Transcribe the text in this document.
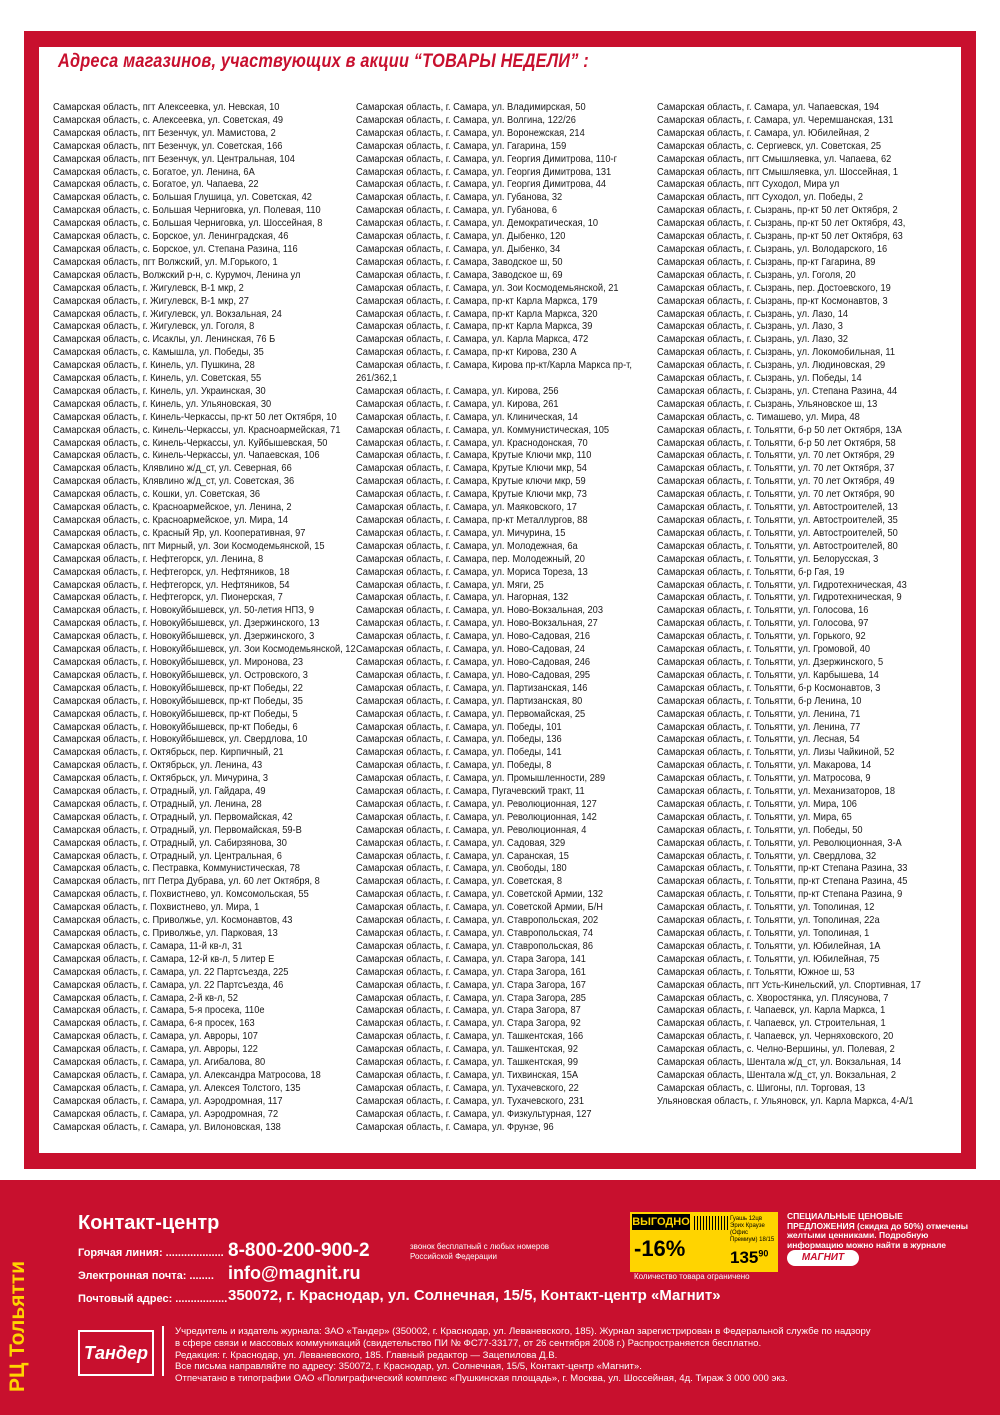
Адреса магазинов, участвующих в акции “ТОВАРЫ НЕДЕЛИ” :
Самарская область, пгт Алексеевка, ул. Невская, 10
Самарская область, с. Алексеевка, ул. Советская, 49
Самарская область, пгт Безенчук, ул. Мамистова, 2
Самарская область, пгт Безенчук, ул. Советская, 166
Самарская область, пгт Безенчук, ул. Центральная, 104
Самарская область, с. Богатое, ул. Ленина, 6А
Самарская область, с. Богатое, ул. Чапаева, 22
Самарская область, с. Большая Глушица, ул. Советская, 42
Самарская область, с. Большая Черниговка, ул. Полевая, 110
Самарская область, с. Большая Черниговка, ул. Шоссейная, 8
Самарская область, с. Борское, ул. Ленинградская, 46
Самарская область, с. Борское, ул. Степана Разина, 116
Самарская область, пгт Волжский, ул. М.Горького, 1
Самарская область, Волжский р-н, с. Курумоч, Ленина ул
Самарская область, г. Жигулевск, В-1 мкр, 2
Самарская область, г. Жигулевск, В-1 мкр, 27
Самарская область, г. Жигулевск, ул. Вокзальная, 24
Самарская область, г. Жигулевск, ул. Гоголя, 8
Самарская область, с. Исаклы, ул. Ленинская, 76 Б
Самарская область, с. Камышла, ул. Победы, 35
Самарская область, г. Кинель, ул. Пушкина, 28
Самарская область, г. Кинель, ул. Советская, 55
Самарская область, г. Кинель, ул. Украинская, 30
Самарская область, г. Кинель, ул. Ульяновская, 30
Самарская область, г. Кинель-Черкассы, пр-кт 50 лет Октября, 10
Самарская область, с. Кинель-Черкассы, ул. Красноармейская, 71
Самарская область, с. Кинель-Черкассы, ул. Куйбышевская, 50
Самарская область, с. Кинель-Черкассы, ул. Чапаевская, 106
Самарская область, Клявлино ж/д_ст, ул. Северная, 66
Самарская область, Клявлино ж/д_ст, ул. Советская, 36
Самарская область, с. Кошки, ул. Советская, 36
Самарская область, с. Красноармейское, ул. Ленина, 2
Самарская область, с. Красноармейское, ул. Мира, 14
Самарская область, с. Красный Яр, ул. Кооперативная, 97
Самарская область, пгт Мирный, ул. Зои Космодемьянской, 15
Самарская область, г. Нефтегорск, ул. Ленина, 8
Самарская область, г. Нефтегорск, ул. Нефтяников, 18
Самарская область, г. Нефтегорск, ул. Нефтяников, 54
Самарская область, г. Нефтегорск, ул. Пионерская, 7
Самарская область, г. Новокуйбышевск, ул. 50-летия НПЗ, 9
Самарская область, г. Новокуйбышевск, ул. Дзержинского, 13
Самарская область, г. Новокуйбышевск, ул. Дзержинского, 3
Самарская область, г. Новокуйбышевск, ул. Зои Космодемьянской, 12
Самарская область, г. Новокуйбышевск, ул. Миронова, 23
Самарская область, г. Новокуйбышевск, ул. Островского, 3
Самарская область, г. Новокуйбышевск, пр-кт Победы, 22
Самарская область, г. Новокуйбышевск, пр-кт Победы, 35
Самарская область, г. Новокуйбышевск, пр-кт Победы, 5
Самарская область, г. Новокуйбышевск, пр-кт Победы, 6
Самарская область, г. Новокуйбышевск, ул. Свердлова, 10
Самарская область, г. Октябрьск, пер. Кирпичный, 21
Самарская область, г. Октябрьск, ул. Ленина, 43
Самарская область, г. Октябрьск, ул. Мичурина, 3
Самарская область, г. Отрадный, ул. Гайдара, 49
Самарская область, г. Отрадный, ул. Ленина, 28
Самарская область, г. Отрадный, ул. Первомайская, 42
Самарская область, г. Отрадный, ул. Первомайская, 59-В
Самарская область, г. Отрадный, ул. Сабирзянова, 30
Самарская область, г. Отрадный, ул. Центральная, 6
Самарская область, с. Пестравка, Коммунистическая, 78
Самарская область, пгт Петра Дубрава, ул. 60 лет Октября, 8
Самарская область, г. Похвистнево, ул. Комсомольская, 55
Самарская область, г. Похвистнево, ул. Мира, 1
Самарская область, с. Приволжье, ул. Космонавтов, 43
Самарская область, с. Приволжье, ул. Парковая, 13
Самарская область, г. Самара, 11-й кв-л, 31
Самарская область, г. Самара, 12-й кв-л, 5 литер Е
Самарская область, г. Самара, ул. 22 Партсъезда, 225
Самарская область, г. Самара, ул. 22 Партсъезда, 46
Самарская область, г. Самара, 2-й кв-л, 52
Самарская область, г. Самара, 5-я просека, 110е
Самарская область, г. Самара, 6-я просек, 163
Самарская область, г. Самара, ул. Авроры, 107
Самарская область, г. Самара, ул. Авроры, 122
Самарская область, г. Самара, ул. Агибалова, 80
Самарская область, г. Самара, ул. Александра Матросова, 18
Самарская область, г. Самара, ул. Алексея Толстого, 135
Самарская область, г. Самара, ул. Аэродромная, 117
Самарская область, г. Самара, ул. Аэродромная, 72
Самарская область, г. Самара, ул. Вилоновская, 138
Самарская область, г. Самара, ул. Владимирская, 50
Самарская область, г. Самара, ул. Волгина, 122/26
Самарская область, г. Самара, ул. Воронежская, 214
Самарская область, г. Самара, ул. Гагарина, 159
Самарская область, г. Самара, ул. Георгия Димитрова, 110-г
Самарская область, г. Самара, ул. Георгия Димитрова, 131
Самарская область, г. Самара, ул. Георгия Димитрова, 44
Самарская область, г. Самара, ул. Губанова, 32
Самарская область, г. Самара, ул. Губанова, 6
Самарская область, г. Самара, ул. Демократическая, 10
Самарская область, г. Самара, ул. Дыбенко, 120
Самарская область, г. Самара, ул. Дыбенко, 34
Самарская область, г. Самара, Заводское ш, 50
Самарская область, г. Самара, Заводское ш, 69
Самарская область, г. Самара, ул. Зои Космодемьянской, 21
Самарская область, г. Самара, пр-кт Карла Маркса, 179
Самарская область, г. Самара, пр-кт Карла Маркса, 320
Самарская область, г. Самара, пр-кт Карла Маркса, 39
Самарская область, г. Самара, ул. Карла Маркса, 472
Самарская область, г. Самара, пр-кт Кирова, 230 А
Самарская область, г. Самара, Кирова пр-кт/Карла Маркса пр-т,
261/362,1
Самарская область, г. Самара, ул. Кирова, 256
Самарская область, г. Самара, ул. Кирова, 261
Самарская область, г. Самара, ул. Клиническая, 14
Самарская область, г. Самара, ул. Коммунистическая, 105
Самарская область, г. Самара, ул. Краснодонская, 70
Самарская область, г. Самара, Крутые Ключи мкр, 110
Самарская область, г. Самара, Крутые Ключи мкр, 54
Самарская область, г. Самара, Крутые ключи мкр, 59
Самарская область, г. Самара, Крутые Ключи мкр, 73
Самарская область, г. Самара, ул. Маяковского, 17
Самарская область, г. Самара, пр-кт Металлургов, 88
Самарская область, г. Самара, ул. Мичурина, 15
Самарская область, г. Самара, ул. Молодежная, 6а
Самарская область, г. Самара, пер. Молодежный, 20
Самарская область, г. Самара, ул. Мориса Тореза, 13
Самарская область, г. Самара, ул. Мяги, 25
Самарская область, г. Самара, ул. Нагорная, 132
Самарская область, г. Самара, ул. Ново-Вокзальная, 203
Самарская область, г. Самара, ул. Ново-Вокзальная, 27
Самарская область, г. Самара, ул. Ново-Садовая, 216
Самарская область, г. Самара, ул. Ново-Садовая, 24
Самарская область, г. Самара, ул. Ново-Садовая, 246
Самарская область, г. Самара, ул. Ново-Садовая, 295
Самарская область, г. Самара, ул. Партизанская, 146
Самарская область, г. Самара, ул. Партизанская, 80
Самарская область, г. Самара, ул. Первомайская, 25
Самарская область, г. Самара, ул. Победы, 101
Самарская область, г. Самара, ул. Победы, 136
Самарская область, г. Самара, ул. Победы, 141
Самарская область, г. Самара, ул. Победы, 8
Самарская область, г. Самара, ул. Промышленности, 289
Самарская область, г. Самара, Пугачевский тракт, 11
Самарская область, г. Самара, ул. Революционная, 127
Самарская область, г. Самара, ул. Революционная, 142
Самарская область, г. Самара, ул. Революционная, 4
Самарская область, г. Самара, ул. Садовая, 329
Самарская область, г. Самара, ул. Саранская, 15
Самарская область, г. Самара, ул. Свободы, 180
Самарская область, г. Самара, ул. Советская, 8
Самарская область, г. Самара, ул. Советской Армии, 132
Самарская область, г. Самара, ул. Советской Армии, Б/Н
Самарская область, г. Самара, ул. Ставропольская, 202
Самарская область, г. Самара, ул. Ставропольская, 74
Самарская область, г. Самара, ул. Ставропольская, 86
Самарская область, г. Самара, ул. Стара Загора, 141
Самарская область, г. Самара, ул. Стара Загора, 161
Самарская область, г. Самара, ул. Стара Загора, 167
Самарская область, г. Самара, ул. Стара Загора, 285
Самарская область, г. Самара, ул. Стара Загора, 87
Самарская область, г. Самара, ул. Стара Загора, 92
Самарская область, г. Самара, ул. Ташкентская, 166
Самарская область, г. Самара, ул. Ташкентская, 92
Самарская область, г. Самара, ул. Ташкентская, 99
Самарская область, г. Самара, ул. Тихвинская, 15А
Самарская область, г. Самара, ул. Тухачевского, 22
Самарская область, г. Самара, ул. Тухачевского, 231
Самарская область, г. Самара, ул. Физкультурная, 127
Самарская область, г. Самара, ул. Фрунзе, 96
Самарская область, г. Самара, ул. Чапаевская, 194
Самарская область, г. Самара, ул. Черемшанская, 131
Самарская область, г. Самара, ул. Юбилейная, 2
Самарская область, с. Сергиевск, ул. Советская, 25
Самарская область, пгт Смышляевка, ул. Чапаева, 62
Самарская область, пгт Смышляевка, ул. Шоссейная, 1
Самарская область, пгт Суходол, Мира ул
Самарская область, пгт Суходол, ул. Победы, 2
Самарская область, г. Сызрань, пр-кт 50 лет Октября, 2
Самарская область, г. Сызрань, пр-кт 50 лет Октября, 43,
Самарская область, г. Сызрань, пр-кт 50 лет Октября, 63
Самарская область, г. Сызрань, ул. Володарского, 16
Самарская область, г. Сызрань, пр-кт Гагарина, 89
Самарская область, г. Сызрань, ул. Гоголя, 20
Самарская область, г. Сызрань, пер. Достоевского, 19
Самарская область, г. Сызрань, пр-кт Космонавтов, 3
Самарская область, г. Сызрань, ул. Лазо, 14
Самарская область, г. Сызрань, ул. Лазо, 3
Самарская область, г. Сызрань, ул. Лазо, 32
Самарская область, г. Сызрань, ул. Локомобильная, 11
Самарская область, г. Сызрань, ул. Людиновская, 29
Самарская область, г. Сызрань, ул. Победы, 14
Самарская область, г. Сызрань, ул. Степана Разина, 44
Самарская область, г. Сызрань, Ульяновское ш, 13
Самарская область, с. Тимашево, ул. Мира, 48
Самарская область, г. Тольятти, б-р 50 лет Октября, 13А
Самарская область, г. Тольятти, б-р 50 лет Октября, 58
Самарская область, г. Тольятти, ул. 70 лет Октября, 29
Самарская область, г. Тольятти, ул. 70 лет Октября, 37
Самарская область, г. Тольятти, ул. 70 лет Октября, 49
Самарская область, г. Тольятти, ул. 70 лет Октября, 90
Самарская область, г. Тольятти, ул. Автостроителей, 13
Самарская область, г. Тольятти, ул. Автостроителей, 35
Самарская область, г. Тольятти, ул. Автостроителей, 50
Самарская область, г. Тольятти, ул. Автостроителей, 80
Самарская область, г. Тольятти, ул. Белорусская, 3
Самарская область, г. Тольятти, б-р Гая, 19
Самарская область, г. Тольятти, ул. Гидротехническая, 43
Самарская область, г. Тольятти, ул. Гидротехническая, 9
Самарская область, г. Тольятти, ул. Голосова, 16
Самарская область, г. Тольятти, ул. Голосова, 97
Самарская область, г. Тольятти, ул. Горького, 92
Самарская область, г. Тольятти, ул. Громовой, 40
Самарская область, г. Тольятти, ул. Дзержинского, 5
Самарская область, г. Тольятти, ул. Карбышева, 14
Самарская область, г. Тольятти, б-р Космонавтов, 3
Самарская область, г. Тольятти, б-р Ленина, 10
Самарская область, г. Тольятти, ул. Ленина, 71
Самарская область, г. Тольятти, ул. Ленина, 77
Самарская область, г. Тольятти, ул. Лесная, 54
Самарская область, г. Тольятти, ул. Лизы Чайкиной, 52
Самарская область, г. Тольятти, ул. Макарова, 14
Самарская область, г. Тольятти, ул. Матросова, 9
Самарская область, г. Тольятти, ул. Механизаторов, 18
Самарская область, г. Тольятти, ул. Мира, 106
Самарская область, г. Тольятти, ул. Мира, 65
Самарская область, г. Тольятти, ул. Победы, 50
Самарская область, г. Тольятти, ул. Революционная, 3-А
Самарская область, г. Тольятти, ул. Свердлова, 32
Самарская область, г. Тольятти, пр-кт Степана Разина, 33
Самарская область, г. Тольятти, пр-кт Степана Разина, 45
Самарская область, г. Тольятти, пр-кт Степана Разина, 9
Самарская область, г. Тольятти, ул. Тополиная, 12
Самарская область, г. Тольятти, ул. Тополиная, 22а
Самарская область, г. Тольятти, ул. Тополиная, 1
Самарская область, г. Тольятти, ул. Юбилейная, 1А
Самарская область, г. Тольятти, ул. Юбилейная, 75
Самарская область, г. Тольятти, Южное ш, 53
Самарская область, пгт Усть-Кинельский, ул. Спортивная, 17
Самарская область, с. Хворостянка, ул. Плясунова, 7
Самарская область, г. Чапаевск, ул. Карла Маркса, 1
Самарская область, г. Чапаевск, ул. Строительная, 1
Самарская область, г. Чапаевск, ул. Черняховского, 20
Самарская область, с. Челно-Вершины, ул. Полевая, 2
Самарская область, Шентала ж/д_ст, ул. Вокзальная, 14
Самарская область, Шентала ж/д_ст, ул. Вокзальная, 2
Самарская область, с. Шигоны, пл. Торговая, 13
Ульяновская область, г. Ульяновск, ул. Карла Маркса, 4-А/1
РЦ Тольятти
Контакт-центр
Горячая линия: ................... 8-800-200-900-2	звонок бесплатный с любых номеров Российской Федерации
Электронная почта: ........ info@magnit.ru
Почтовый адрес: ................. 350072, г. Краснодар, ул. Солнечная, 15/5, Контакт-центр «Магнит»
ВЫГОДНО
-16%
Гуашь 12цв Эрих Краузе (Офис Премиум) 18/15
$135^{90}$
Количество товара ограничено
СПЕЦИАЛЬНЫЕ ЦЕНОВЫЕ ПРЕДЛОЖЕНИЯ (скидка до 50%) отмечены желтыми ценниками. Подробную информацию можно найти в журнале
МАГНИТ
Тандер
Учредитель и издатель журнала: ЗАО «Тандер» (350002, г. Краснодар, ул. Леваневского, 185). Журнал зарегистрирован в Федеральной службе по надзору
в сфере связи и массовых коммуникаций (свидетельство ПИ № ФС77-33177, от 26 сентября 2008 г.) Распространяется бесплатно.
Редакция: г. Краснодар, ул. Леваневского, 185. Главный редактор — Зацепилова Д.В.
Все письма направляйте по адресу: 350072, г. Краснодар, ул. Солнечная, 15/5, Контакт-центр «Магнит».
Отпечатано в типографии ОАО «Полиграфический комплекс «Пушкинская площадь», г. Москва, ул. Шоссейная, 4д. Тираж 3 000 000 экз.
